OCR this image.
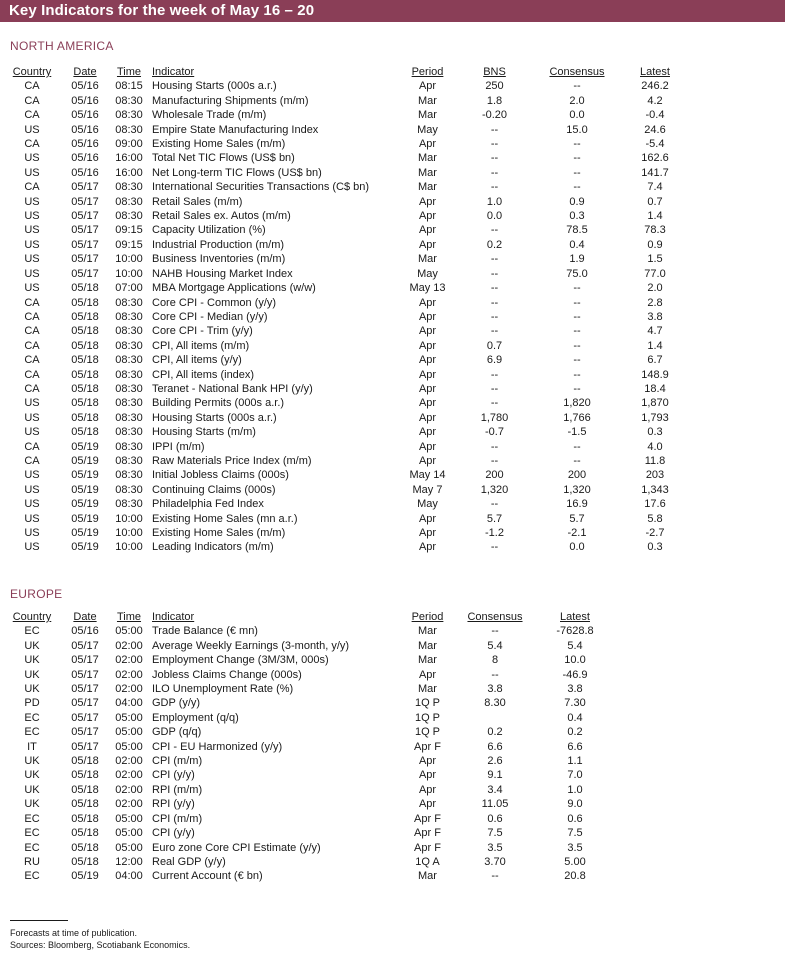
Key Indicators for the week of May 16 – 20
NORTH AMERICA
Country	Date	Time	Indicator	Period	BNS	Consensus	Latest
CA	05/16	08:15	Housing Starts (000s a.r.)	Apr	250	--	246.2
CA	05/16	08:30	Manufacturing Shipments (m/m)	Mar	1.8	2.0	4.2
CA	05/16	08:30	Wholesale Trade (m/m)	Mar	-0.20	0.0	-0.4
US	05/16	08:30	Empire State Manufacturing Index	May	--	15.0	24.6
CA	05/16	09:00	Existing Home Sales (m/m)	Apr	--	--	-5.4
US	05/16	16:00	Total Net TIC Flows (US$ bn)	Mar	--	--	162.6
US	05/16	16:00	Net Long-term TIC Flows (US$ bn)	Mar	--	--	141.7
CA	05/17	08:30	International Securities Transactions (C$ bn)	Mar	--	--	7.4
US	05/17	08:30	Retail Sales (m/m)	Apr	1.0	0.9	0.7
US	05/17	08:30	Retail Sales ex. Autos (m/m)	Apr	0.0	0.3	1.4
US	05/17	09:15	Capacity Utilization (%)	Apr	--	78.5	78.3
US	05/17	09:15	Industrial Production (m/m)	Apr	0.2	0.4	0.9
US	05/17	10:00	Business Inventories (m/m)	Mar	--	1.9	1.5
US	05/17	10:00	NAHB Housing Market Index	May	--	75.0	77.0
US	05/18	07:00	MBA Mortgage Applications (w/w)	May 13	--	--	2.0
CA	05/18	08:30	Core CPI - Common (y/y)	Apr	--	--	2.8
CA	05/18	08:30	Core CPI - Median (y/y)	Apr	--	--	3.8
CA	05/18	08:30	Core CPI - Trim (y/y)	Apr	--	--	4.7
CA	05/18	08:30	CPI, All items (m/m)	Apr	0.7	--	1.4
CA	05/18	08:30	CPI, All items (y/y)	Apr	6.9	--	6.7
CA	05/18	08:30	CPI, All items (index)	Apr	--	--	148.9
CA	05/18	08:30	Teranet - National Bank HPI (y/y)	Apr	--	--	18.4
US	05/18	08:30	Building Permits (000s a.r.)	Apr	--	1,820	1,870
US	05/18	08:30	Housing Starts (000s a.r.)	Apr	1,780	1,766	1,793
US	05/18	08:30	Housing Starts (m/m)	Apr	-0.7	-1.5	0.3
CA	05/19	08:30	IPPI (m/m)	Apr	--	--	4.0
CA	05/19	08:30	Raw Materials Price Index (m/m)	Apr	--	--	11.8
US	05/19	08:30	Initial Jobless Claims (000s)	May 14	200	200	203
US	05/19	08:30	Continuing Claims (000s)	May 7	1,320	1,320	1,343
US	05/19	08:30	Philadelphia Fed Index	May	--	16.9	17.6
US	05/19	10:00	Existing Home Sales (mn a.r.)	Apr	5.7	5.7	5.8
US	05/19	10:00	Existing Home Sales (m/m)	Apr	-1.2	-2.1	-2.7
US	05/19	10:00	Leading Indicators (m/m)	Apr	--	0.0	0.3
EUROPE
Country	Date	Time	Indicator	Period	Consensus	Latest
EC	05/16	05:00	Trade Balance (€ mn)	Mar	--	-7628.8
UK	05/17	02:00	Average Weekly Earnings (3-month, y/y)	Mar	5.4	5.4
UK	05/17	02:00	Employment Change (3M/3M, 000s)	Mar	8	10.0
UK	05/17	02:00	Jobless Claims Change (000s)	Apr	--	-46.9
UK	05/17	02:00	ILO Unemployment Rate (%)	Mar	3.8	3.8
PD	05/17	04:00	GDP (y/y)	1Q P	8.30	7.30
EC	05/17	05:00	Employment (q/q)	1Q P		0.4
EC	05/17	05:00	GDP (q/q)	1Q P	0.2	0.2
IT	05/17	05:00	CPI - EU Harmonized (y/y)	Apr F	6.6	6.6
UK	05/18	02:00	CPI (m/m)	Apr	2.6	1.1
UK	05/18	02:00	CPI (y/y)	Apr	9.1	7.0
UK	05/18	02:00	RPI (m/m)	Apr	3.4	1.0
UK	05/18	02:00	RPI (y/y)	Apr	11.05	9.0
EC	05/18	05:00	CPI (m/m)	Apr F	0.6	0.6
EC	05/18	05:00	CPI (y/y)	Apr F	7.5	7.5
EC	05/18	05:00	Euro zone Core CPI Estimate (y/y)	Apr F	3.5	3.5
RU	05/18	12:00	Real GDP (y/y)	1Q A	3.70	5.00
EC	05/19	04:00	Current Account (€ bn)	Mar	--	20.8
Forecasts at time of publication.
Sources: Bloomberg, Scotiabank Economics.
